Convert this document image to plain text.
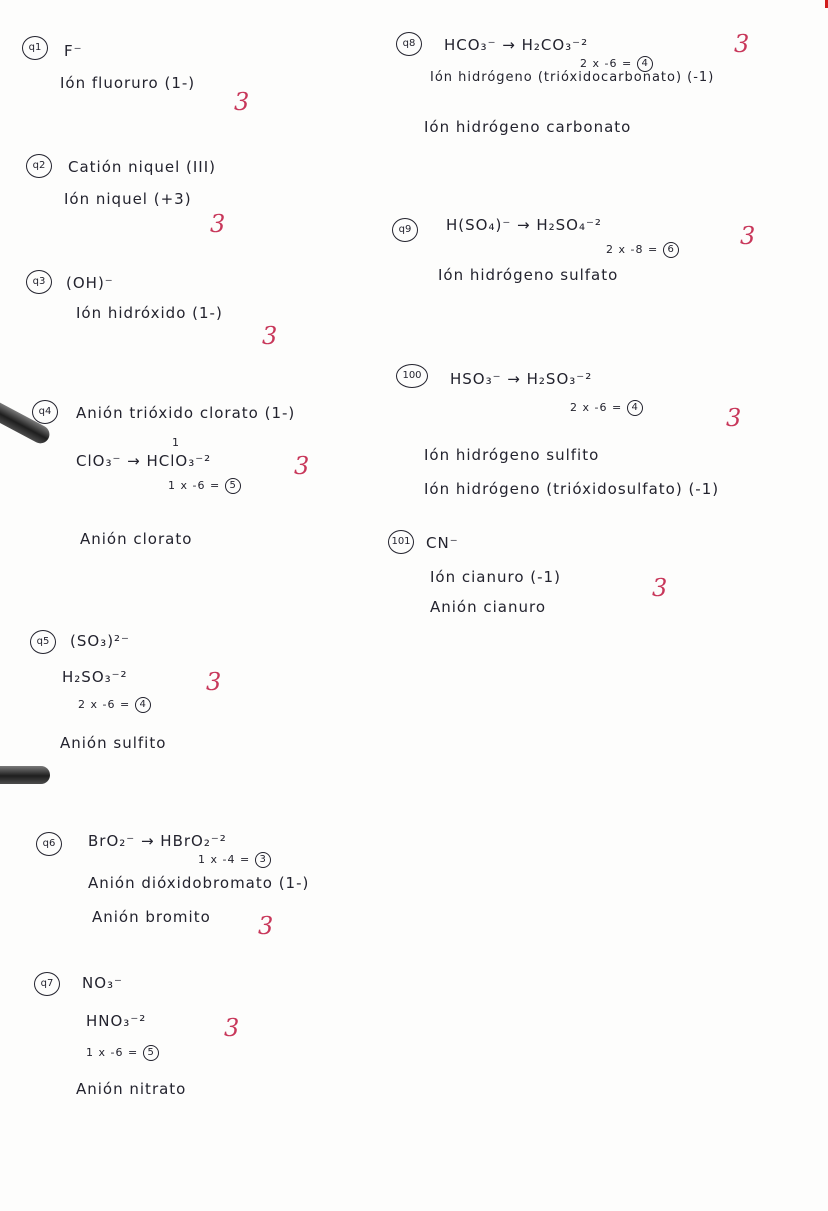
q1	F⁻
Ión fluoruro (1-)
3
q2	Catión niquel (III)
Ión niquel (+3)
3
q3	(OH)⁻
Ión hidróxido (1-)
3
q4	Anión trióxido clorato (1-)
1
ClO₃⁻ → HClO₃⁻²
1 x -6 = 5
3
Anión clorato
q5	(SO₃)²⁻
H₂SO₃⁻²
2 x -6 = 4
3
Anión sulfito
q6	BrO₂⁻ → HBrO₂⁻²
1 x -4 = 3
Anión dióxidobromato (1-)
Anión bromito 3
q7	NO₃⁻
HNO₃⁻²
1 x -6 = 5
3
Anión nitrato
q8	HCO₃⁻ → H₂CO₃⁻²
2 x -6 = 4
3
Ión hidrógeno (trióxidocarbonato) (-1)
Ión hidrógeno carbonato
q9	H(SO₄)⁻ → H₂SO₄⁻²
2 x -8 = 6	3
Ión hidrógeno sulfato
100	HSO₃⁻ → H₂SO₃⁻²
2 x -6 = 4	3
Ión hidrógeno sulfito
Ión hidrógeno (trióxidosulfato) (-1)
101 CN⁻
Ión cianuro (-1)	3
Anión cianuro
